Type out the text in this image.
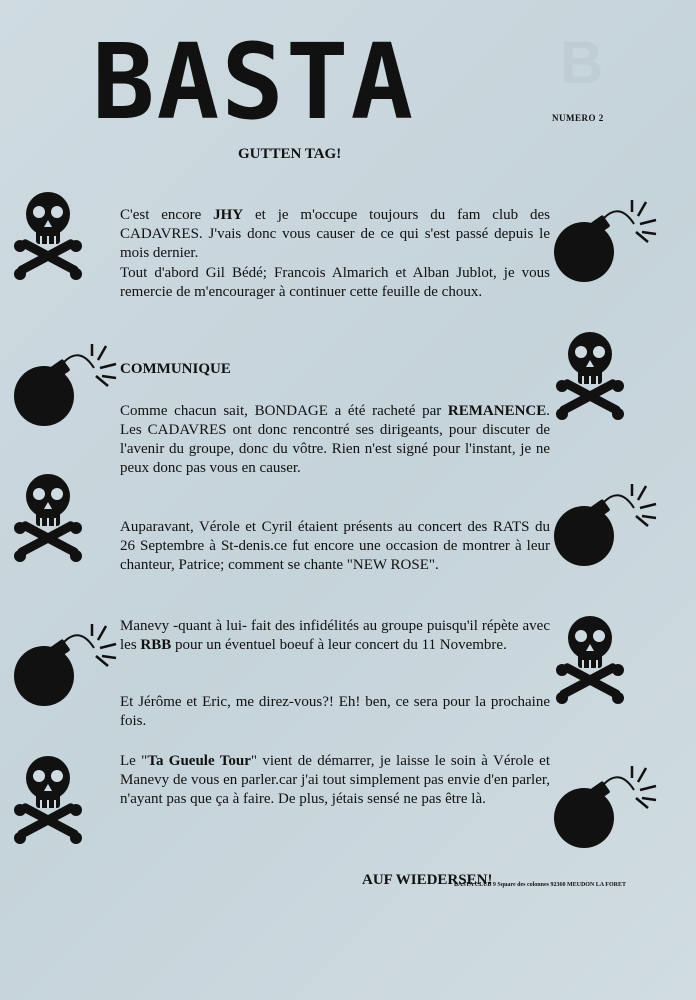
B
BASTA	NUMERO 2
GUTTEN TAG!
C'est encore JHY et je m'occupe toujours du fam club des CADAVRES. J'vais donc vous causer de ce qui s'est passé depuis le mois dernier.
Tout d'abord Gil Bédé; Francois Almarich et Alban Jublot, je vous remercie de m'encourager à continuer cette feuille de choux.
COMMUNIQUE
Comme chacun sait, BONDAGE a été racheté par REMANENCE. Les CADAVRES ont donc rencontré ses dirigeants, pour discuter de l'avenir du groupe, donc du vôtre. Rien n'est signé pour l'instant, je ne peux donc pas vous en causer.
Auparavant, Vérole et Cyril étaient présents au concert des RATS du 26 Septembre à St-denis.ce fut encore une occasion de montrer à leur chanteur, Patrice; comment se chante "NEW ROSE".
Manevy -quant à lui- fait des infidélités au groupe puisqu'il répète avec les RBB pour un éventuel boeuf à leur concert du 11 Novembre.
Et Jérôme et Eric, me direz-vous?! Eh! ben, ce sera pour la prochaine fois.
Le "Ta Gueule Tour" vient de démarrer, je laisse le soin à Vérole et Manevy de vous en parler.car j'ai tout simplement pas envie d'en parler, n'ayant pas que ça à faire. De plus, jétais sensé ne pas être là.
AUF WIEDERSEN!
BASTA CLUB 9 Square des colonnes 92360 MEUDON LA FORET
